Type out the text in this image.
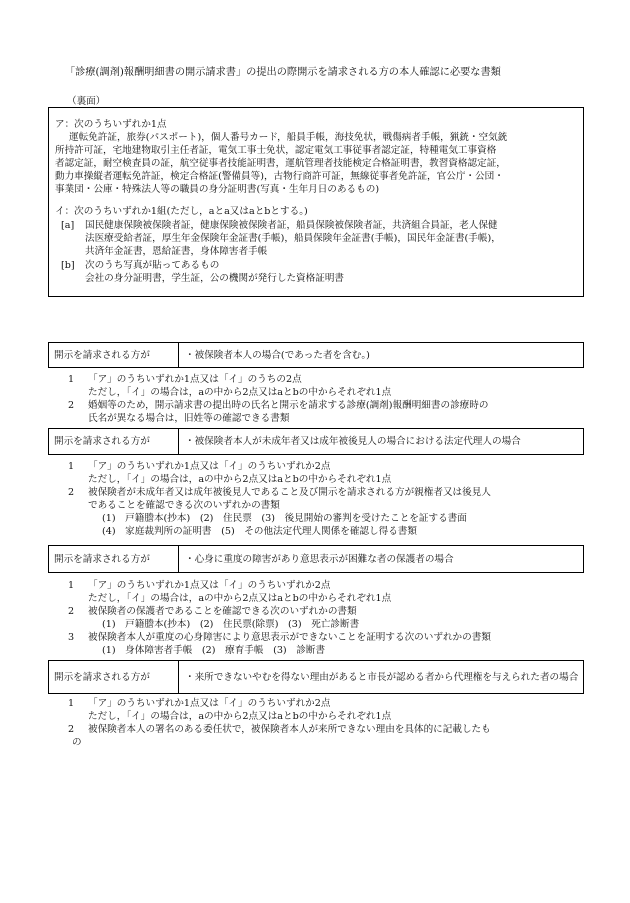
「診療(調剤)報酬明細書の開示請求書」の提出の際開示を請求される方の本人確認に必要な書類
（裏面）
ア：次のうちいずれか1点
運転免許証，旅券(パスポート)，個人番号カード，船員手帳，海技免状，戦傷病者手帳，猟銃・空気銃
所持許可証，宅地建物取引主任者証，電気工事士免状，認定電気工事従事者認定証，特種電気工事資格
者認定証，耐空検査員の証，航空従事者技能証明書，運航管理者技能検定合格証明書，教習資格認定証，
動力車操縦者運転免許証，検定合格証(警備員等)，古物行商許可証，無線従事者免許証，官公庁・公団・
事業団・公庫・特殊法人等の職員の身分証明書(写真・生年月日のあるもの)
イ：次のうちいずれか1組(ただし，aとa又はaとbとする。)
[a]	国民健康保険被保険者証，健康保険被保険者証，船員保険被保険者証，共済組合員証，老人保健
法医療受給者証，厚生年金保険年金証書(手帳)，船員保険年金証書(手帳)，国民年金証書(手帳)，
共済年金証書，恩給証書，身体障害者手帳
[b]	次のうち写真が貼ってあるもの
会社の身分証明書，学生証，公の機関が発行した資格証明書
開示を請求される方が	・被保険者本人の場合(であった者を含む。)
1 「ア」のうちいずれか1点又は「イ」のうちの2点
ただし，「イ」の場合は，aの中から2点又はaとbの中からそれぞれ1点
2 婚姻等のため，開示請求書の提出時の氏名と開示を請求する診療(調剤)報酬明細書の診療時の
氏名が異なる場合は，旧姓等の確認できる書類
開示を請求される方が	・被保険者本人が未成年者又は成年被後見人の場合における法定代理人の場合
1 「ア」のうちいずれか1点又は「イ」のうちいずれか2点
ただし，「イ」の場合は，aの中から2点又はaとbの中からそれぞれ1点
2 被保険者が未成年者又は成年被後見人であること及び開示を請求される方が親権者又は後見人
であることを確認できる次のいずれかの書類
(1)　戸籍謄本(抄本)　(2)　住民票　(3)　後見開始の審判を受けたことを証する書面
(4)　家庭裁判所の証明書　(5)　その他法定代理人関係を確認し得る書類
開示を請求される方が	・心身に重度の障害があり意思表示が困難な者の保護者の場合
1 「ア」のうちいずれか1点又は「イ」のうちいずれか2点
ただし，「イ」の場合は，aの中から2点又はaとbの中からそれぞれ1点
2 被保険者の保護者であることを確認できる次のいずれかの書類
(1)　戸籍謄本(抄本)　(2)　住民票(除票)　(3)　死亡診断書
3 被保険者本人が重度の心身障害により意思表示ができないことを証明する次のいずれかの書類
(1)　身体障害者手帳　(2)　療育手帳　(3)　診断書
開示を請求される方が	・来所できないやむを得ない理由があると市長が認める者から代理権を与えられた者の場合
1 「ア」のうちいずれか1点又は「イ」のうちいずれか2点
ただし，「イ」の場合は，aの中から2点又はaとbの中からそれぞれ1点
2 被保険者本人の署名のある委任状で，被保険者本人が来所できない理由を具体的に記載したも
の
